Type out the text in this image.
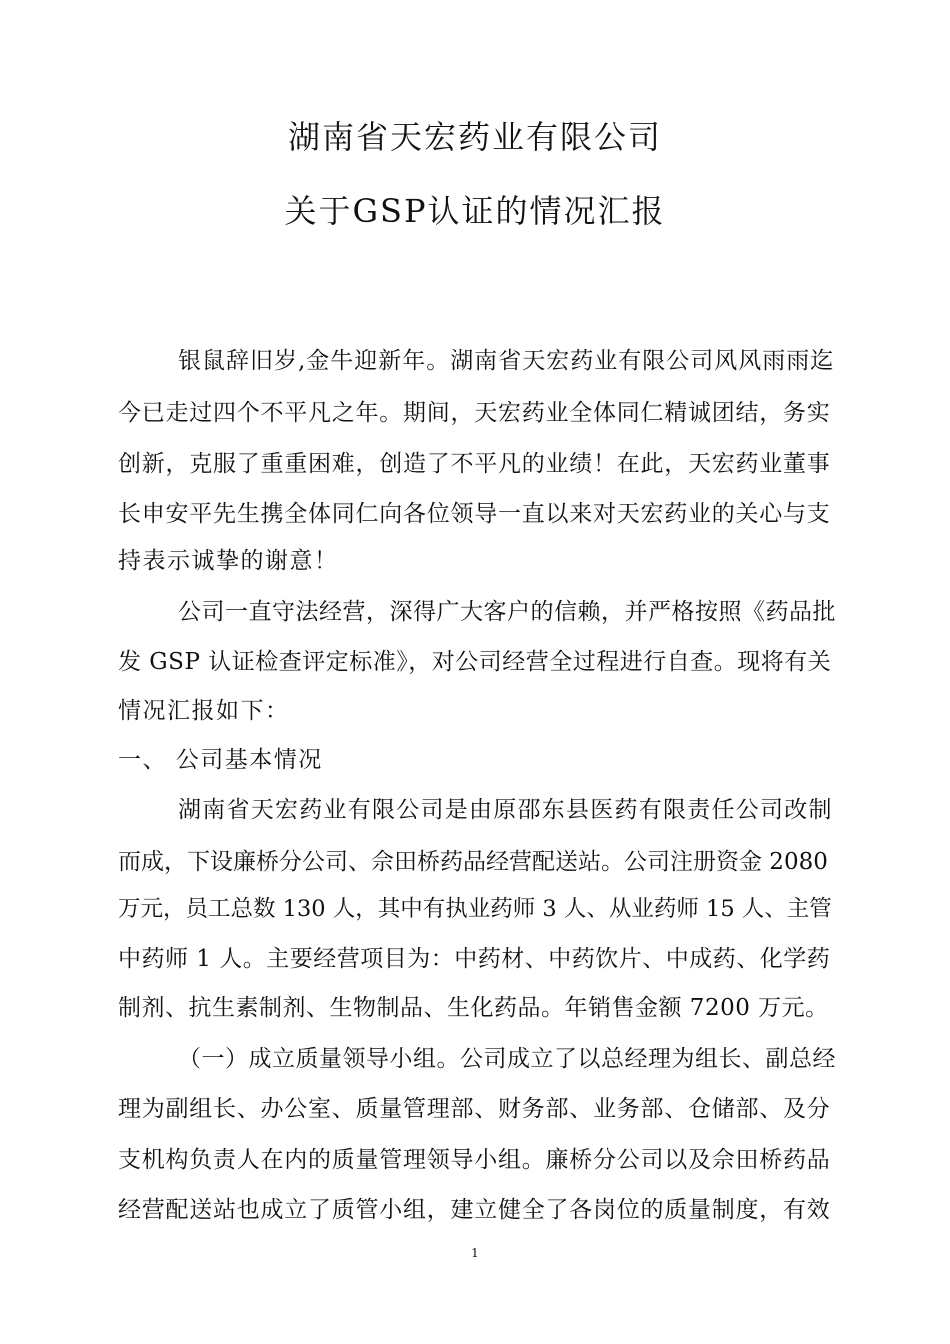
湖南省天宏药业有限公司
关于GSP认证的情况汇报
银鼠辞旧岁,金牛迎新年。湖南省天宏药业有限公司风风雨雨迄
今已走过四个不平凡之年。期间，天宏药业全体同仁精诚团结，务实
创新，克服了重重困难，创造了不平凡的业绩！在此，天宏药业董事
长申安平先生携全体同仁向各位领导一直以来对天宏药业的关心与支
持表示诚挚的谢意！
公司一直守法经营，深得广大客户的信赖，并严格按照《药品批
发 GSP 认证检查评定标准》，对公司经营全过程进行自查。现将有关
情况汇报如下：
一、 公司基本情况
湖南省天宏药业有限公司是由原邵东县医药有限责任公司改制
而成，下设廉桥分公司、佘田桥药品经营配送站。公司注册资金 2080
万元，员工总数 130 人，其中有执业药师 3 人、从业药师 15 人、主管
中药师 1 人。主要经营项目为：中药材、中药饮片、中成药、化学药
制剂、抗生素制剂、生物制品、生化药品。年销售金额 7200 万元。
（一）成立质量领导小组。公司成立了以总经理为组长、副总经
理为副组长、办公室、质量管理部、财务部、业务部、仓储部、及分
支机构负责人在内的质量管理领导小组。廉桥分公司以及佘田桥药品
经营配送站也成立了质管小组，建立健全了各岗位的质量制度，有效
1
